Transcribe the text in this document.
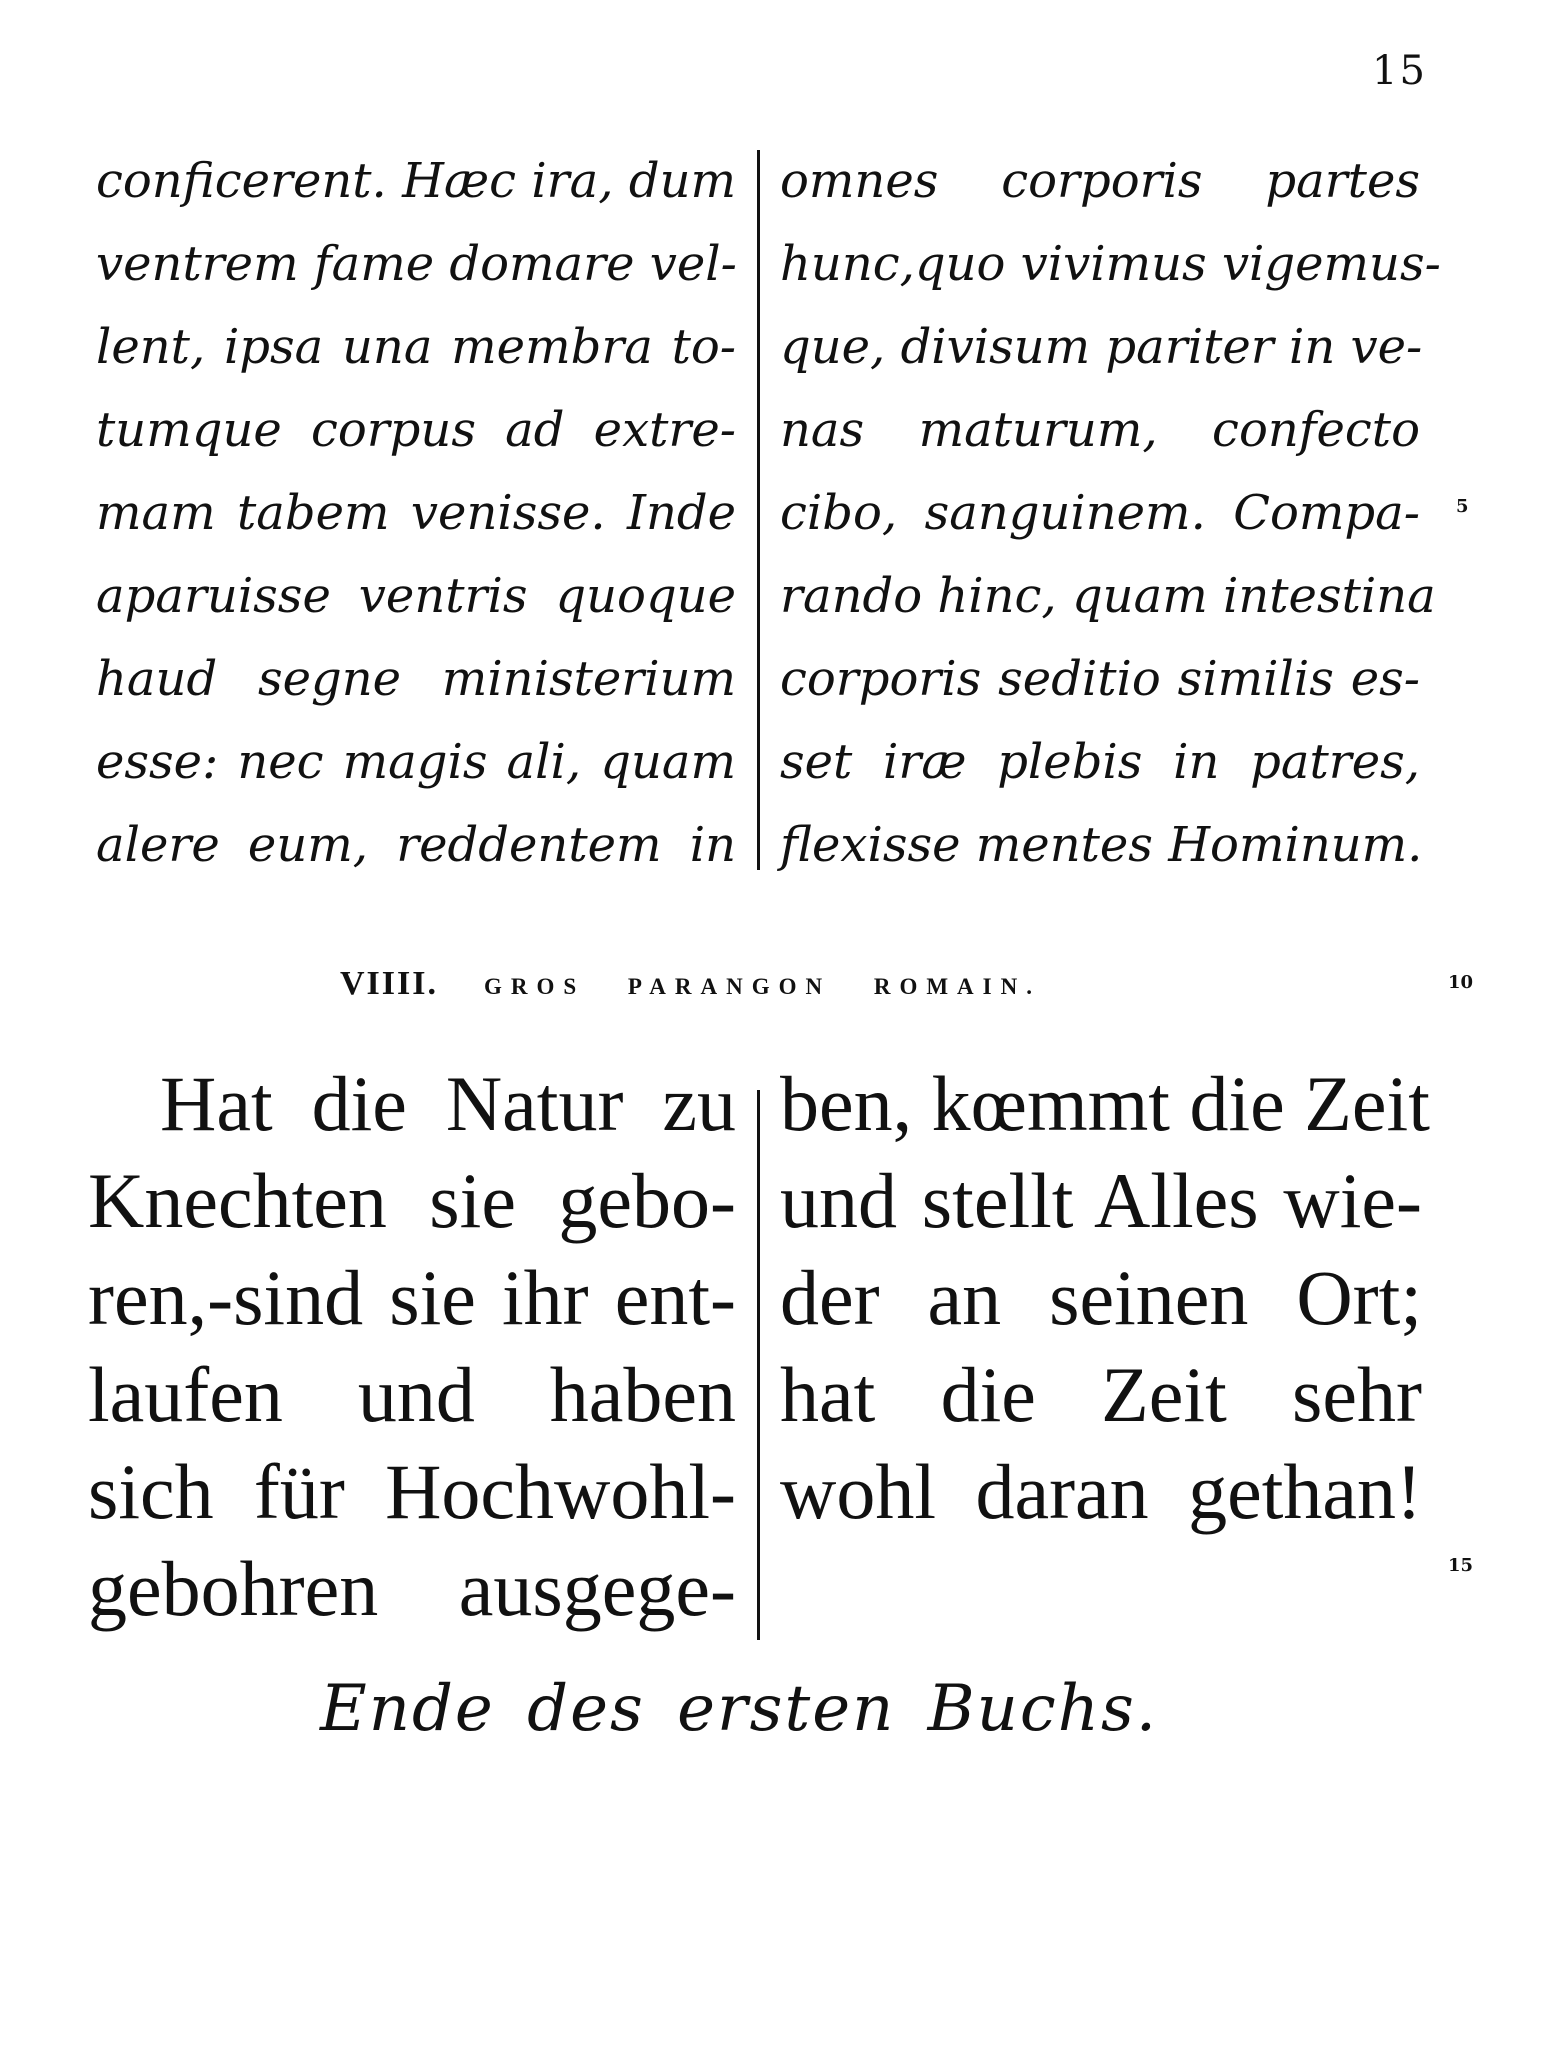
15
conficerent. Hæc ira, dum
ventrem fame domare vel-
lent, ipsa una membra to-
tumque corpus ad extre-
mam tabem venisse. Inde
aparuisse ventris quoque
haud segne ministerium
esse: nec magis ali, quam
alere eum, reddentem in
omnes corporis partes
hunc,quo vivimus vigemus-
que, divisum pariter in ve-
nas maturum, confecto
cibo, sanguinem. Compa-
rando hinc, quam intestina
corporis seditio similis es-
set iræ plebis in patres,
flexisse mentes Hominum.
5
VIIII. GROS PARANGON ROMAIN.	10
Hat die Natur zu
Knechten sie gebo-
ren,-sind sie ihr ent-
laufen und haben
sich für Hochwohl-
gebohren ausgege-
ben, kœmmt die Zeit
und stellt Alles wie-
der an seinen Ort;
hat die Zeit sehr
wohl daran gethan!
15
Ende des ersten Buchs.
